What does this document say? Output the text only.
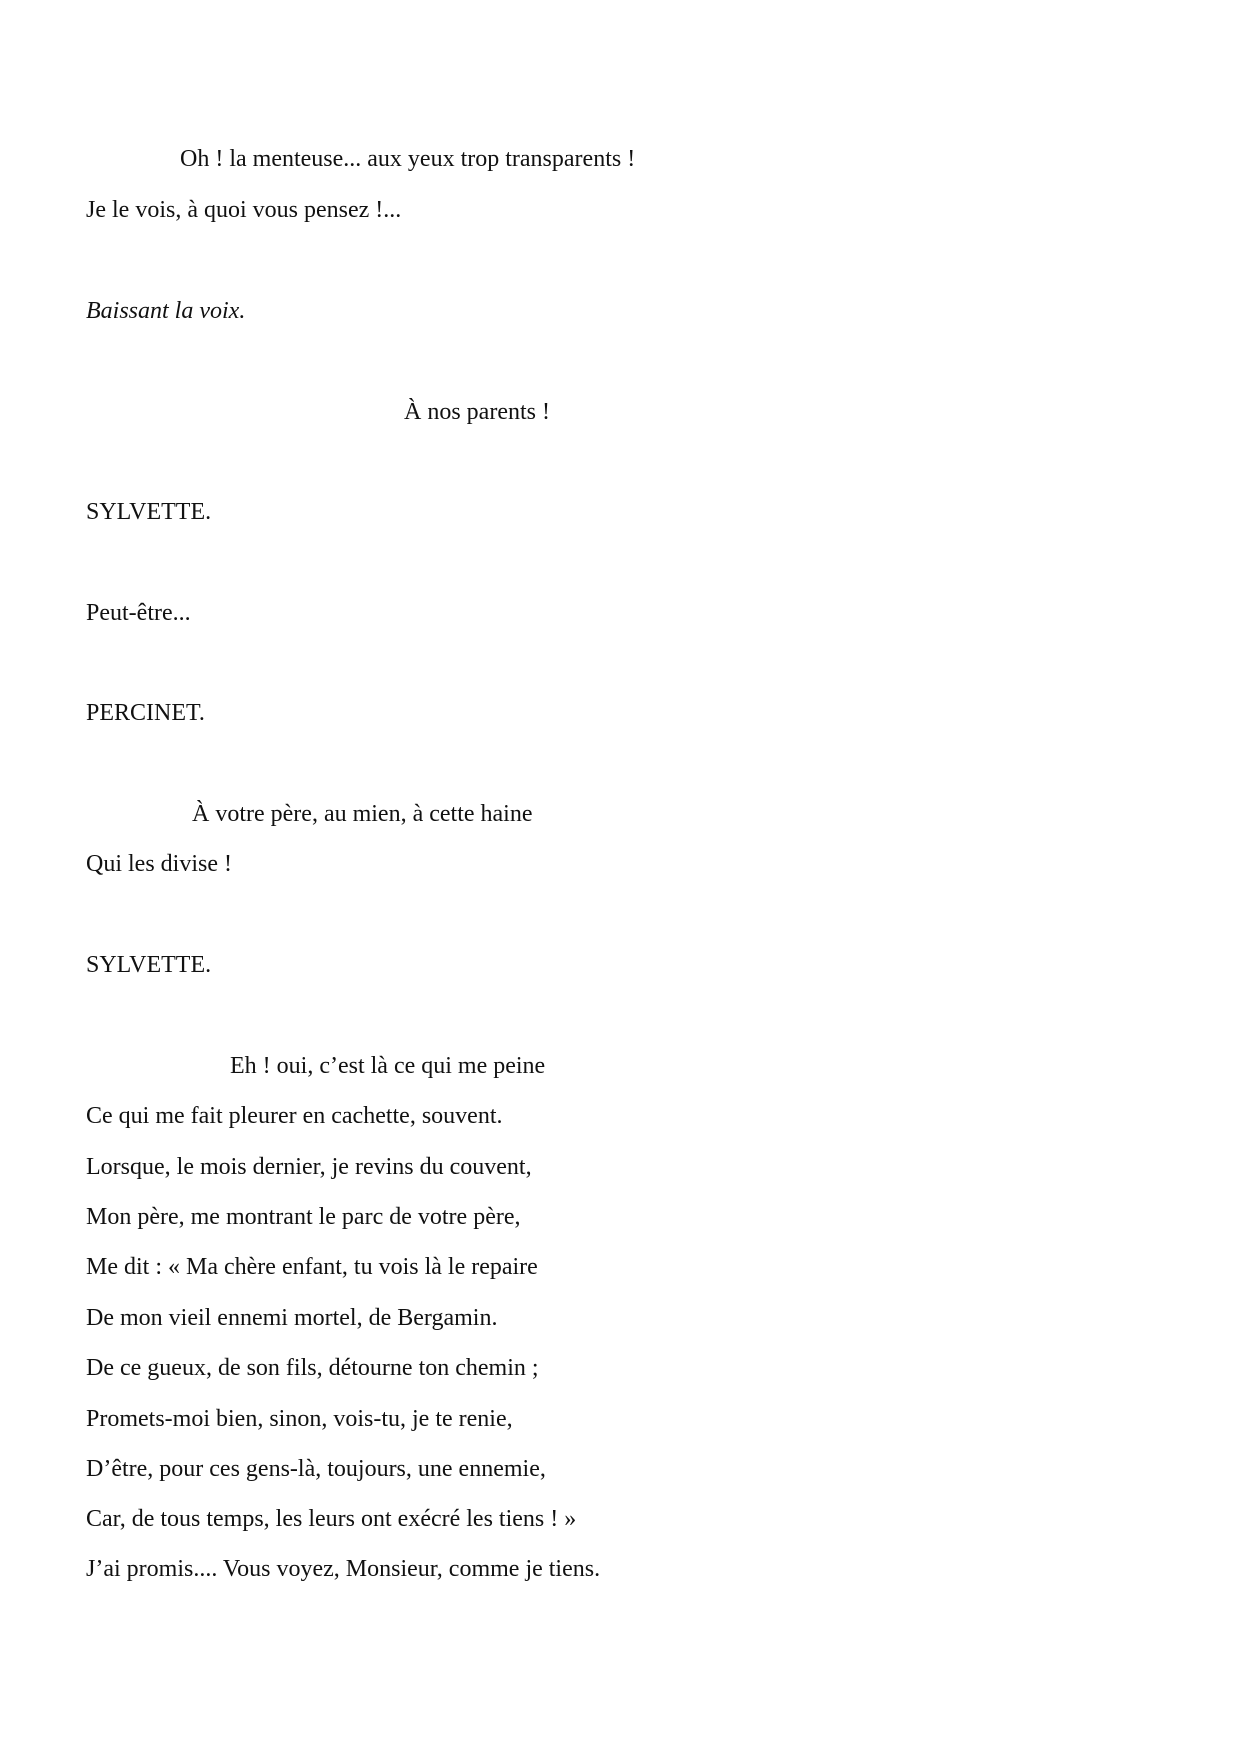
Oh ! la menteuse... aux yeux trop transparents !
Je le vois, à quoi vous pensez !...
Baissant la voix.
À nos parents !
SYLVETTE.
Peut-être...
PERCINET.
À votre père, au mien, à cette haine
Qui les divise !
SYLVETTE.
Eh ! oui, c’est là ce qui me peine
Ce qui me fait pleurer en cachette, souvent.
Lorsque, le mois dernier, je revins du couvent,
Mon père, me montrant le parc de votre père,
Me dit : « Ma chère enfant, tu vois là le repaire
De mon vieil ennemi mortel, de Bergamin.
De ce gueux, de son fils, détourne ton chemin ;
Promets-moi bien, sinon, vois-tu, je te renie,
D’être, pour ces gens-là, toujours, une ennemie,
Car, de tous temps, les leurs ont exécré les tiens ! »
J’ai promis.... Vous voyez, Monsieur, comme je tiens.
